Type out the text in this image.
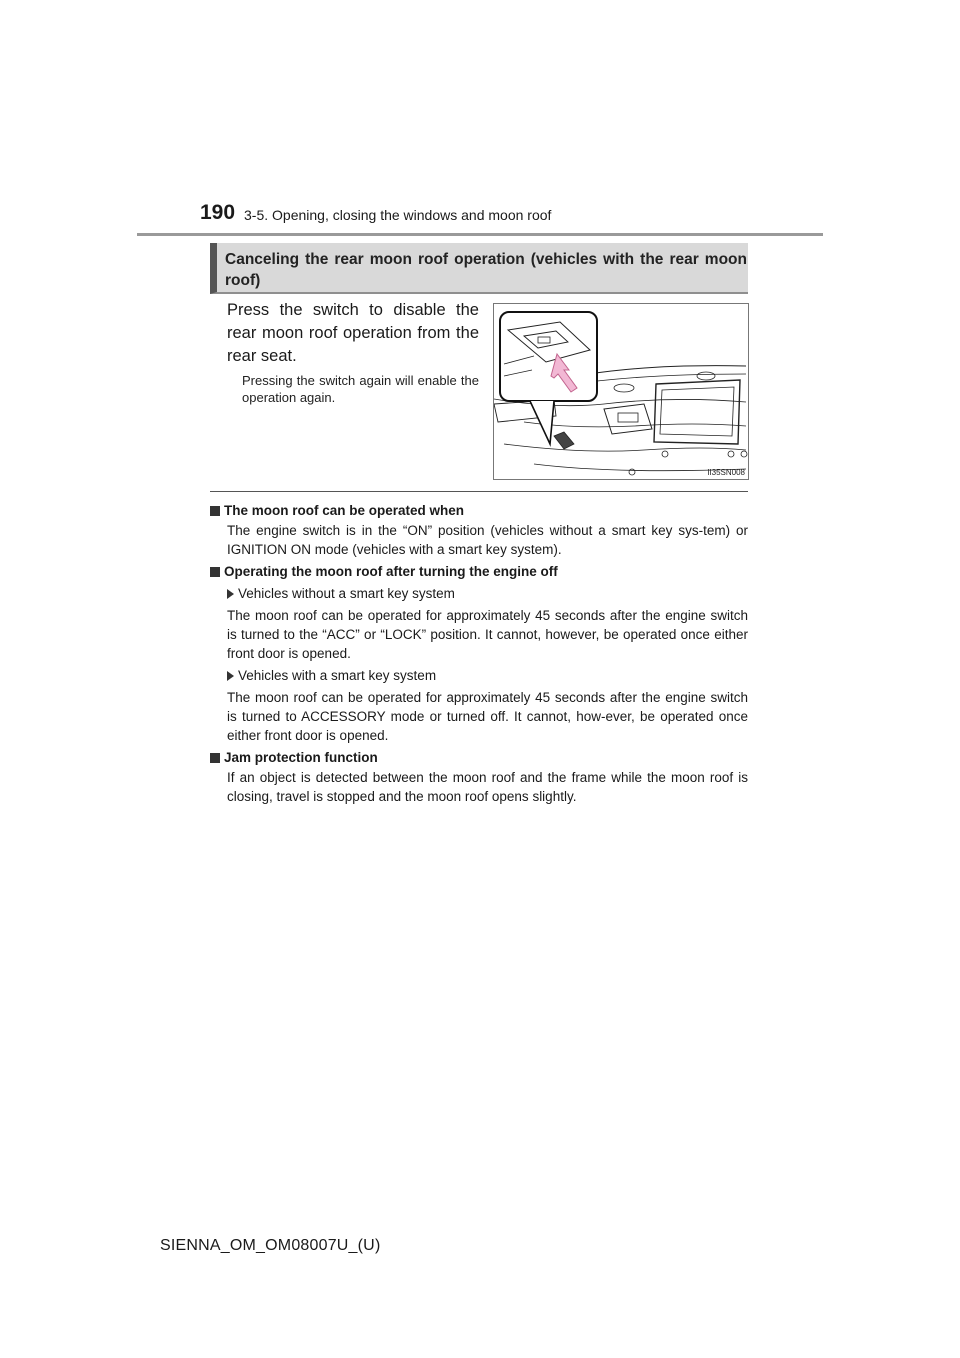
190 3-5. Opening, closing the windows and moon roof
Canceling the rear moon roof operation (vehicles with the rear moon roof)
Press the switch to disable the rear moon roof operation from the rear seat.
Pressing the switch again will enable the operation again.
II35SN008
The moon roof can be operated when
The engine switch is in the “ON” position (vehicles without a smart key sys-tem) or IGNITION ON mode (vehicles with a smart key system).
Operating the moon roof after turning the engine off
Vehicles without a smart key system
The moon roof can be operated for approximately 45 seconds after the engine switch is turned to the “ACC” or “LOCK” position. It cannot, however, be operated once either front door is opened.
Vehicles with a smart key system
The moon roof can be operated for approximately 45 seconds after the engine switch is turned to ACCESSORY mode or turned off. It cannot, how-ever, be operated once either front door is opened.
Jam protection function
If an object is detected between the moon roof and the frame while the moon roof is closing, travel is stopped and the moon roof opens slightly.
SIENNA_OM_OM08007U_(U)
